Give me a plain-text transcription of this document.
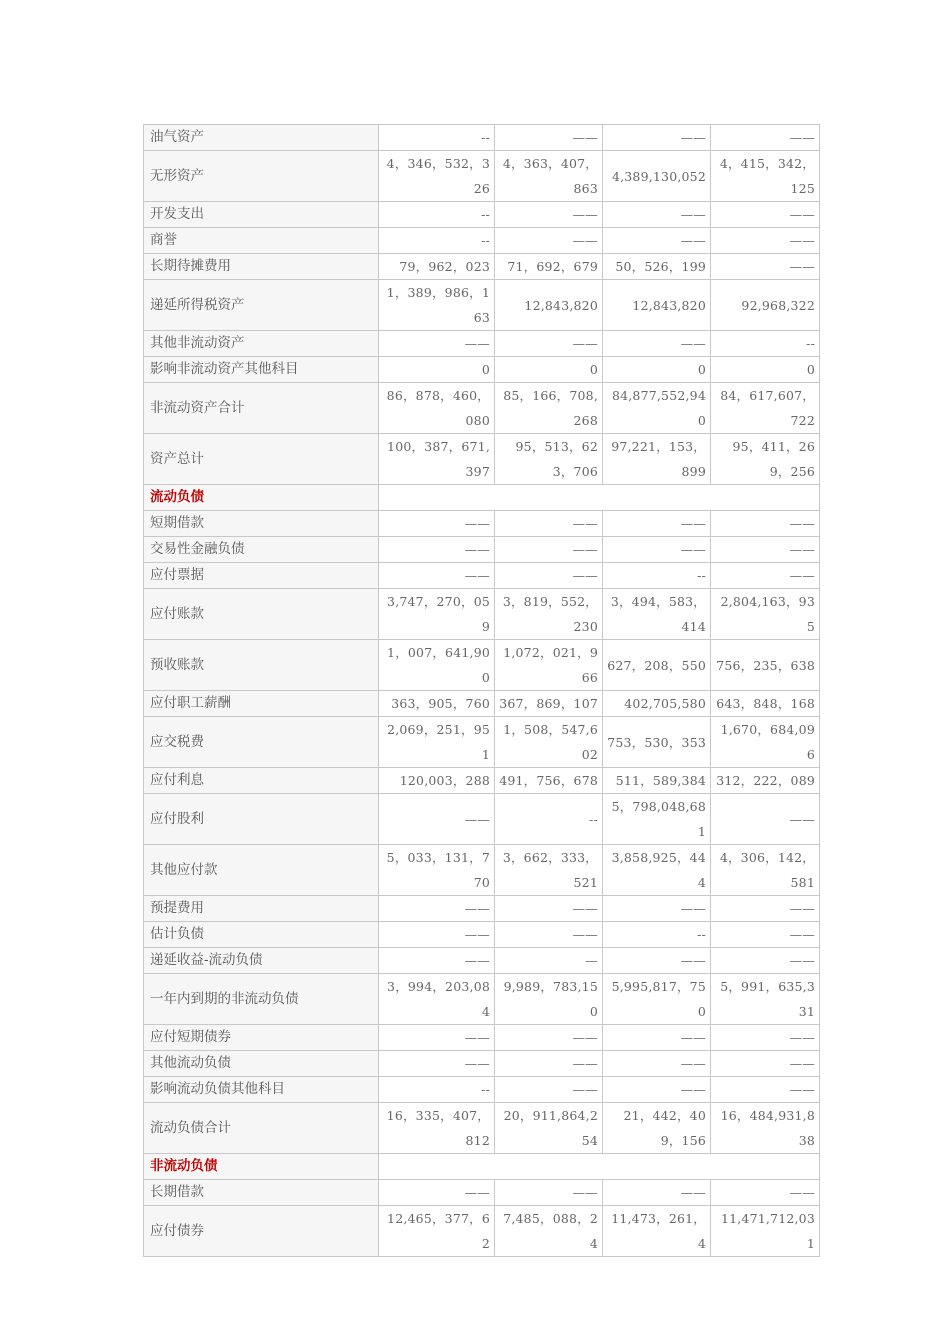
油气资产	--	——	——	——
无形资产	4，346，532，326	4，363，407，863	4,389,130,052	4，415，342，125
开发支出	--	——	——	——
商誉	--	——	——	——
长期待摊费用	79，962，023	71，692，679	50，526，199	——
递延所得税资产	1，389，986，163	12,843,820	12,843,820	92,968,322
其他非流动资产	——	——	——	--
影响非流动资产其他科目	0	0	0	0
非流动资产合计	86，878，460，080	85，166，708,268	84,877,552,940	84，617,607，722
资产总计	100，387，671,397	95，513，623，706	97,221，153，899	95，411，269，256
流动负债				
短期借款	——	——	——	——
交易性金融负债	——	——	——	——
应付票据	——	——	--	——
应付账款	3,747，270，059	3，819，552，230	3，494，583，414	2,804,163，935
预收账款	1，007，641,900	1,072，021，966	627，208，550	756，235，638
应付职工薪酬	363，905，760	367，869，107	402,705,580	643，848，168
应交税费	2,069，251，951	1，508，547,602	753，530，353	1,670，684,096
应付利息	120,003，288	491，756，678	511，589,384	312，222，089
应付股利	——	--	5，798,048,681	——
其他应付款	5，033，131，770	3，662，333，521	3,858,925，444	4，306，142，581
预提费用	——	——	——	——
估计负债	——	——	--	——
递延收益-流动负债	——	—	——	——
一年内到期的非流动负债	3，994，203,084	9,989，783,150	5,995,817，750	5，991，635,331
应付短期债券	——	——	——	——
其他流动负债	——	——	——	——
影响流动负债其他科目	--	——	——	——
流动负债合计	16，335，407，812	20，911,864,254	21，442，409，156	16，484,931,838
非流动负债				
长期借款	——	——	——	——
应付债券	12,465，377，62	7,485，088，24	11,473，261，4	11,471,712,031
